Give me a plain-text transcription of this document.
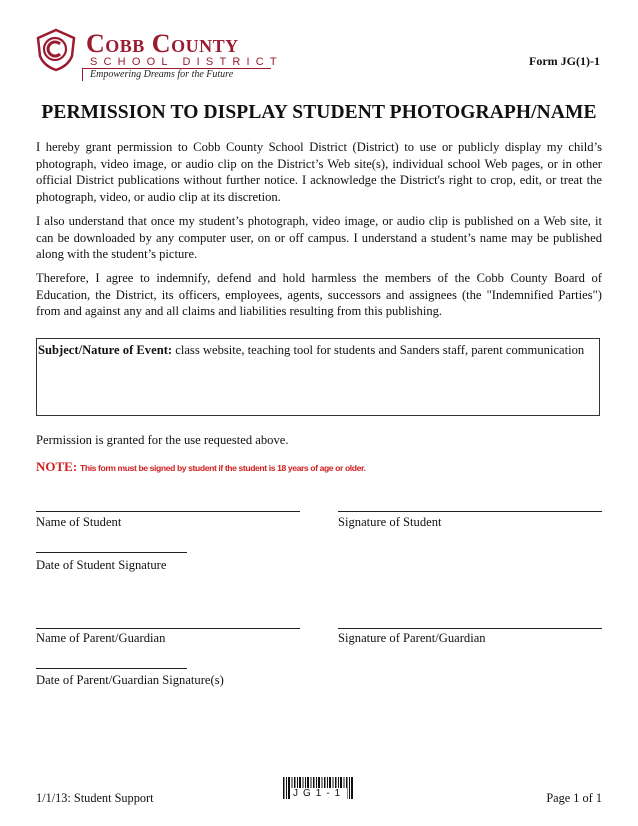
Cobb County
SCHOOL DISTRICT
Empowering Dreams for the Future
Form JG(1)-1
PERMISSION TO DISPLAY STUDENT PHOTOGRAPH/NAME
I hereby grant permission to Cobb County School District (District) to use or publicly display my child’s photograph, video image, or audio clip on the District’s Web site(s), individual school Web pages, or in other official District publications without further notice. I acknowledge the District's right to crop, edit, or treat the photograph, video, or audio clip at its discretion.
I also understand that once my student’s photograph, video image, or audio clip is published on a Web site, it can be downloaded by any computer user, on or off campus. I understand a student’s name may be published along with the student’s picture.
Therefore, I agree to indemnify, defend and hold harmless the members of the Cobb County Board of Education, the District, its officers, employees, agents, successors and assignees (the "Indemnified Parties") from and against any and all claims and liabilities resulting from this publishing.
Subject/Nature of Event: class website, teaching tool for students and Sanders staff, parent communication
Permission is granted for the use requested above.
NOTE: This form must be signed by student if the student is 18 years of age or older.
Name of Student	Signature of Student
Date of Student Signature
Name of Parent/Guardian	Signature of Parent/Guardian
Date of Parent/Guardian Signature(s)
1/1/13: Student Support	JG1-1	Page 1 of 1
